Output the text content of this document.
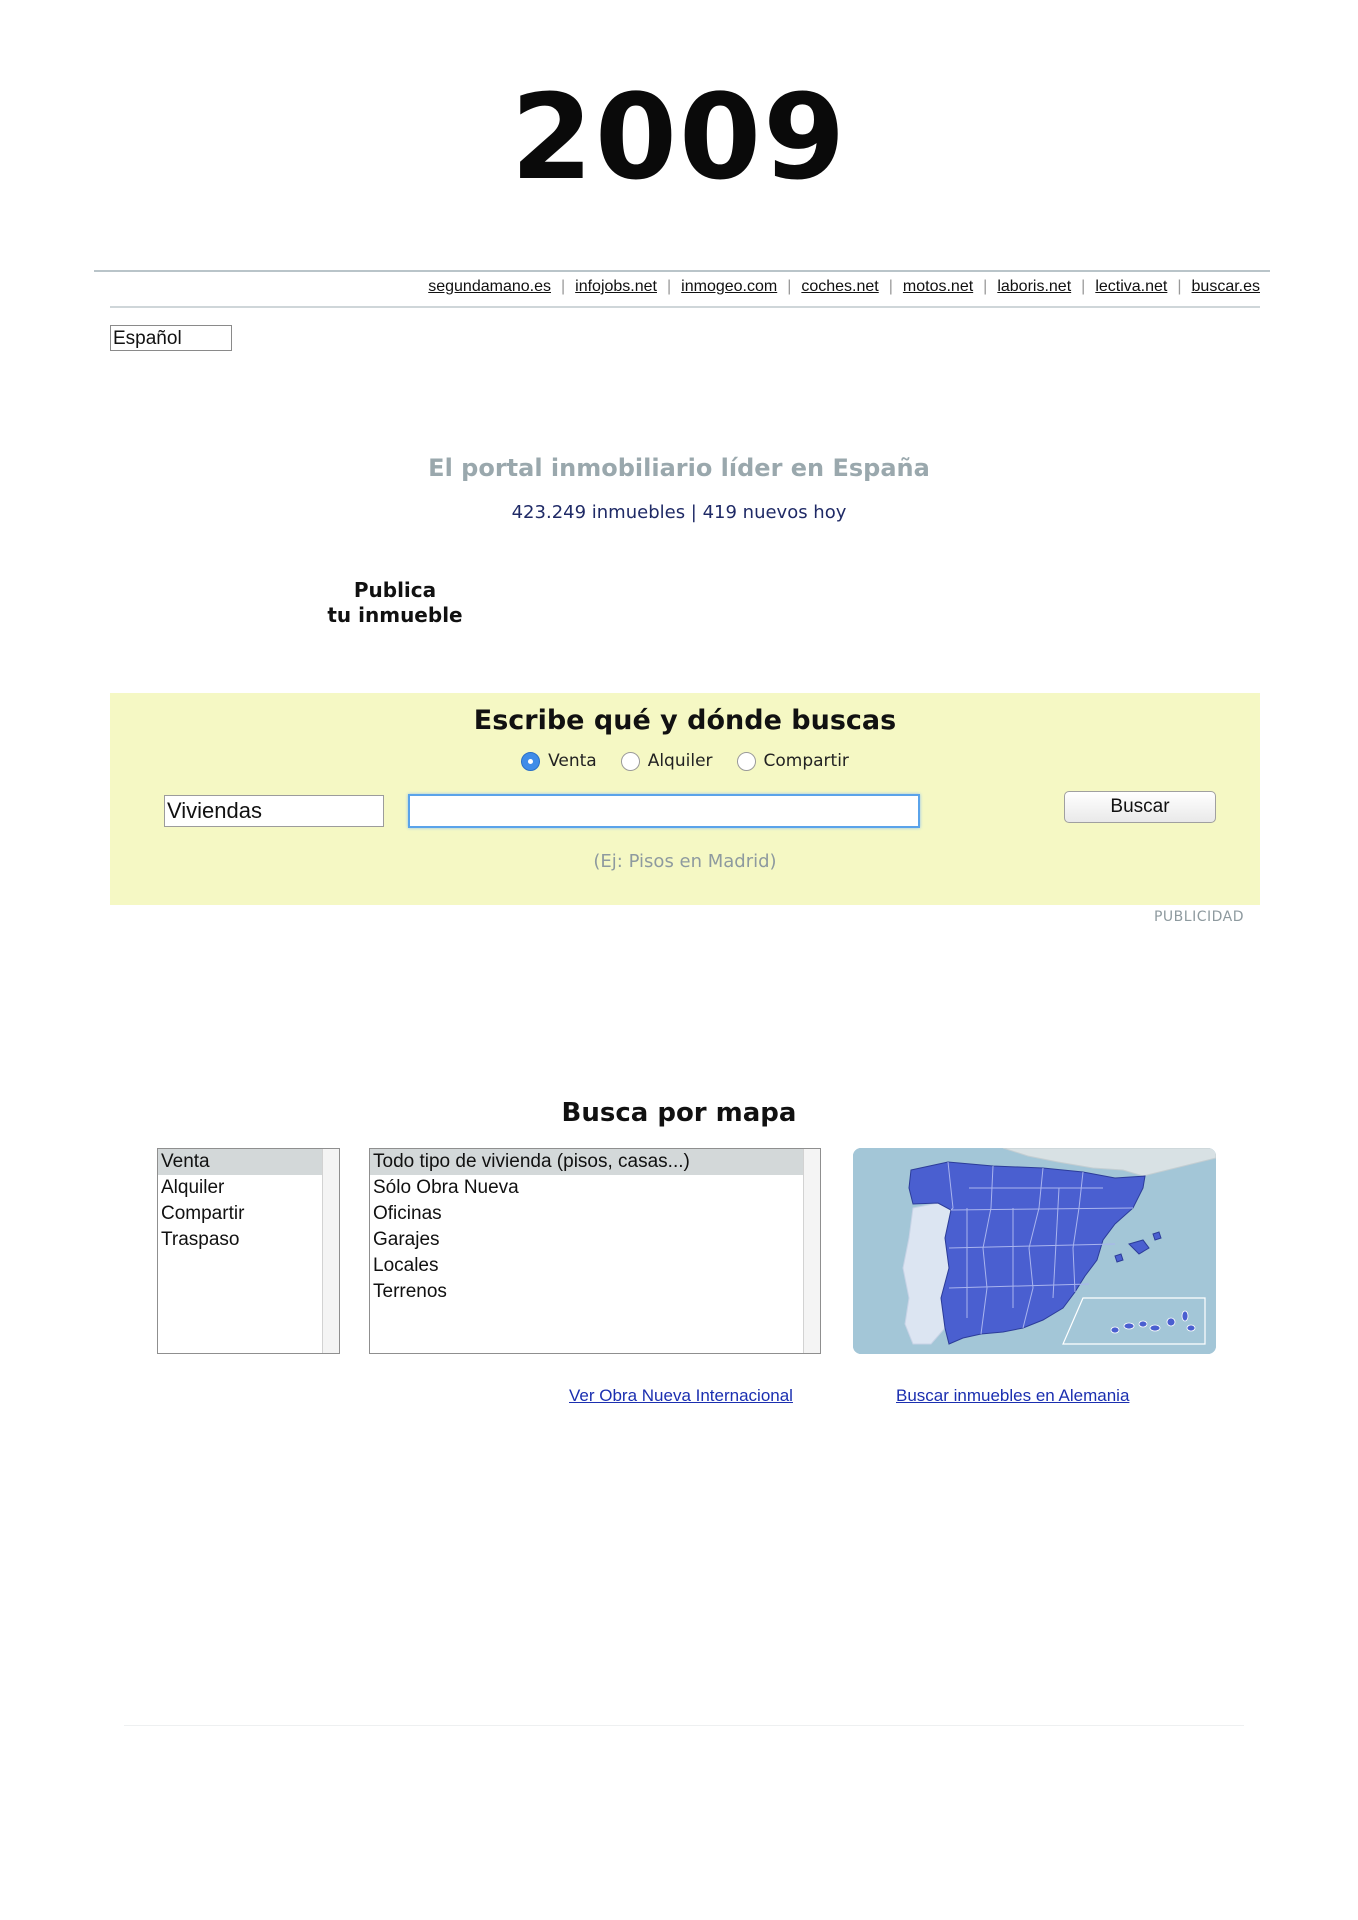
2009
segundamano.es | infojobs.net | inmogeo.com | coches.net | motos.net | laboris.net | lectiva.net | buscar.es
Español
El portal inmobiliario líder en España
423.249 inmuebles | 419 nuevos hoy
Publica
tu inmueble
Escribe qué y dónde buscas
Venta	Alquiler	Compartir
Viviendas	Buscar
(Ej: Pisos en Madrid)
PUBLICIDAD
Busca por mapa
Venta
Alquiler
Compartir
Traspaso
Todo tipo de vivienda (pisos, casas...)
Sólo Obra Nueva
Oficinas
Garajes
Locales
Terrenos
Ver Obra Nueva Internacional	Buscar inmuebles en Alemania
